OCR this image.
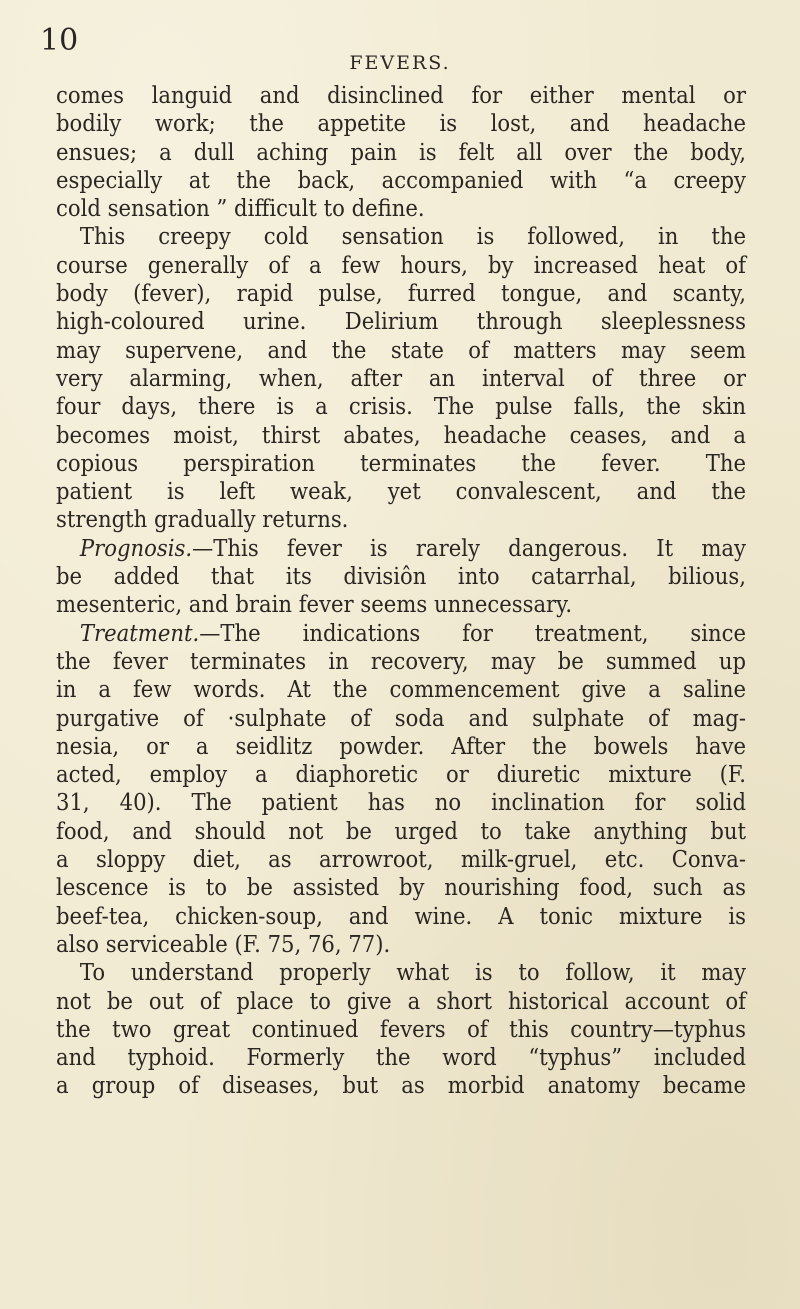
10
FEVERS.

comes languid and disinclined for either mental or
bodily work; the appetite is lost, and headache
ensues; a dull aching pain is felt all over the body,
especially at the back, accompanied with “a creepy
cold sensation ” difficult to define.

This creepy cold sensation is followed, in the
course generally of a few hours, by increased heat of
body (fever), rapid pulse, furred tongue, and scanty,
high-coloured urine. Delirium through sleeplessness
may supervene, and the state of matters may seem
very alarming, when, after an interval of three or
four days, there is a crisis. The pulse falls, the skin
becomes moist, thirst abates, headache ceases, and a
copious perspiration terminates the fever. The
patient is left weak, yet convalescent, and the
strength gradually returns.

Prognosis.—This fever is rarely dangerous. It may
be added that its divisiôn into catarrhal, bilious,
mesenteric, and brain fever seems unnecessary.

Treatment.—The indications for treatment, since
the fever terminates in recovery, may be summed up
in a few words. At the commencement give a saline
purgative of ·sulphate of soda and sulphate of mag-
nesia, or a seidlitz powder. After the bowels have
acted, employ a diaphoretic or diuretic mixture (F.
31, 40). The patient has no inclination for solid
food, and should not be urged to take anything but
a sloppy diet, as arrowroot, milk-gruel, etc. Conva-
lescence is to be assisted by nourishing food, such as
beef-tea, chicken-soup, and wine. A tonic mixture is
also serviceable (F. 75, 76, 77).

To understand properly what is to follow, it may
not be out of place to give a short historical account of
the two great continued fevers of this country—typhus
and typhoid. Formerly the word “typhus” included
a group of diseases, but as morbid anatomy became
